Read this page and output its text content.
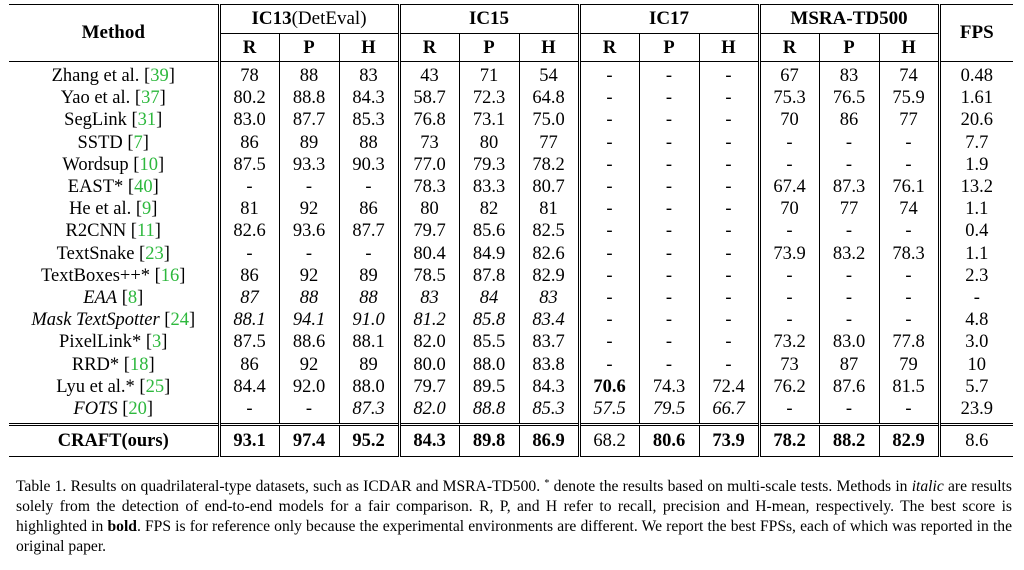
Method	IC13(DetEval)			IC15			IC17			MSRA-TD500			FPS
	R	P	H	R	P	H	R	P	H	R	P	H	
Zhang et al. [39]	78	88	83	43	71	54	-	-	-	67	83	74	0.48
Yao et al. [37]	80.2	88.8	84.3	58.7	72.3	64.8	-	-	-	75.3	76.5	75.9	1.61
SegLink [31]	83.0	87.7	85.3	76.8	73.1	75.0	-	-	-	70	86	77	20.6
SSTD [7]	86	89	88	73	80	77	-	-	-	-	-	-	7.7
Wordsup [10]	87.5	93.3	90.3	77.0	79.3	78.2	-	-	-	-	-	-	1.9
EAST* [40]	-	-	-	78.3	83.3	80.7	-	-	-	67.4	87.3	76.1	13.2
He et al. [9]	81	92	86	80	82	81	-	-	-	70	77	74	1.1
R2CNN [11]	82.6	93.6	87.7	79.7	85.6	82.5	-	-	-	-	-	-	0.4
TextSnake [23]	-	-	-	80.4	84.9	82.6	-	-	-	73.9	83.2	78.3	1.1
TextBoxes++* [16]	86	92	89	78.5	87.8	82.9	-	-	-	-	-	-	2.3
EAA [8]	87	88	88	83	84	83	-	-	-	-	-	-	-
Mask TextSpotter [24]	88.1	94.1	91.0	81.2	85.8	83.4	-	-	-	-	-	-	4.8
PixelLink* [3]	87.5	88.6	88.1	82.0	85.5	83.7	-	-	-	73.2	83.0	77.8	3.0
RRD* [18]	86	92	89	80.0	88.0	83.8	-	-	-	73	87	79	10
Lyu et al.* [25]	84.4	92.0	88.0	79.7	89.5	84.3	70.6	74.3	72.4	76.2	87.6	81.5	5.7
FOTS [20]	-	-	87.3	82.0	88.8	85.3	57.5	79.5	66.7	-	-	-	23.9
CRAFT(ours)	93.1	97.4	95.2	84.3	89.8	86.9	68.2	80.6	73.9	78.2	88.2	82.9	8.6
Table 1. Results on quadrilateral-type datasets, such as ICDAR and MSRA-TD500. * denote the results based on multi-scale tests. Methods in italic are results solely from the detection of end-to-end models for a fair comparison. R, P, and H refer to recall, precision and H-mean, respectively. The best score is highlighted in bold. FPS is for reference only because the experimental environments are different. We report the best FPSs, each of which was reported in the original paper.
